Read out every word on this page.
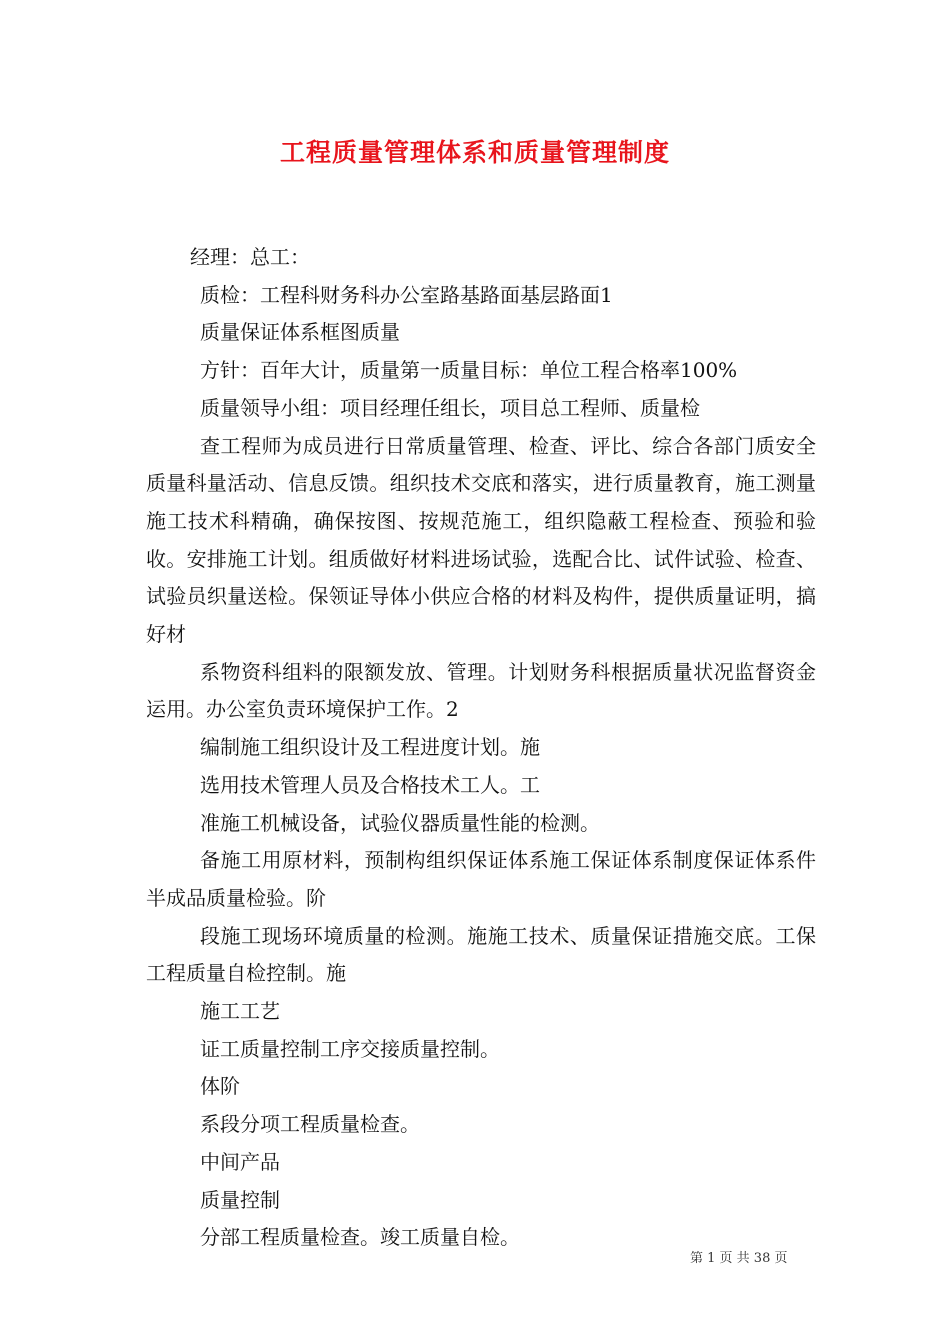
工程质量管理体系和质量管理制度

经理：总工：

质检：工程科财务科办公室路基路面基层路面1

质量保证体系框图质量

方针：百年大计，质量第一质量目标：单位工程合格率100%

质量领导小组：项目经理任组长，项目总工程师、质量检

查工程师为成员进行日常质量管理、检查、评比、综合各部门质安全质量科量活动、信息反馈。组织技术交底和落实，进行质量教育，施工测量施工技术科精确，确保按图、按规范施工，组织隐蔽工程检查、预验和验收。安排施工计划。组质做好材料进场试验，选配合比、试件试验、检查、试验员织量送检。保领证导体小供应合格的材料及构件，提供质量证明，搞好材

系物资科组料的限额发放、管理。计划财务科根据质量状况监督资金运用。办公室负责环境保护工作。2

编制施工组织设计及工程进度计划。施

选用技术管理人员及合格技术工人。工

准施工机械设备，试验仪器质量性能的检测。

备施工用原材料，预制构组织保证体系施工保证体系制度保证体系件半成品质量检验。阶

段施工现场环境质量的检测。施施工技术、质量保证措施交底。工保工程质量自检控制。施

施工工艺

证工质量控制工序交接质量控制。

体阶

系段分项工程质量检查。

中间产品

质量控制

分部工程质量检查。竣工质量自检。

第 1 页 共 38 页
